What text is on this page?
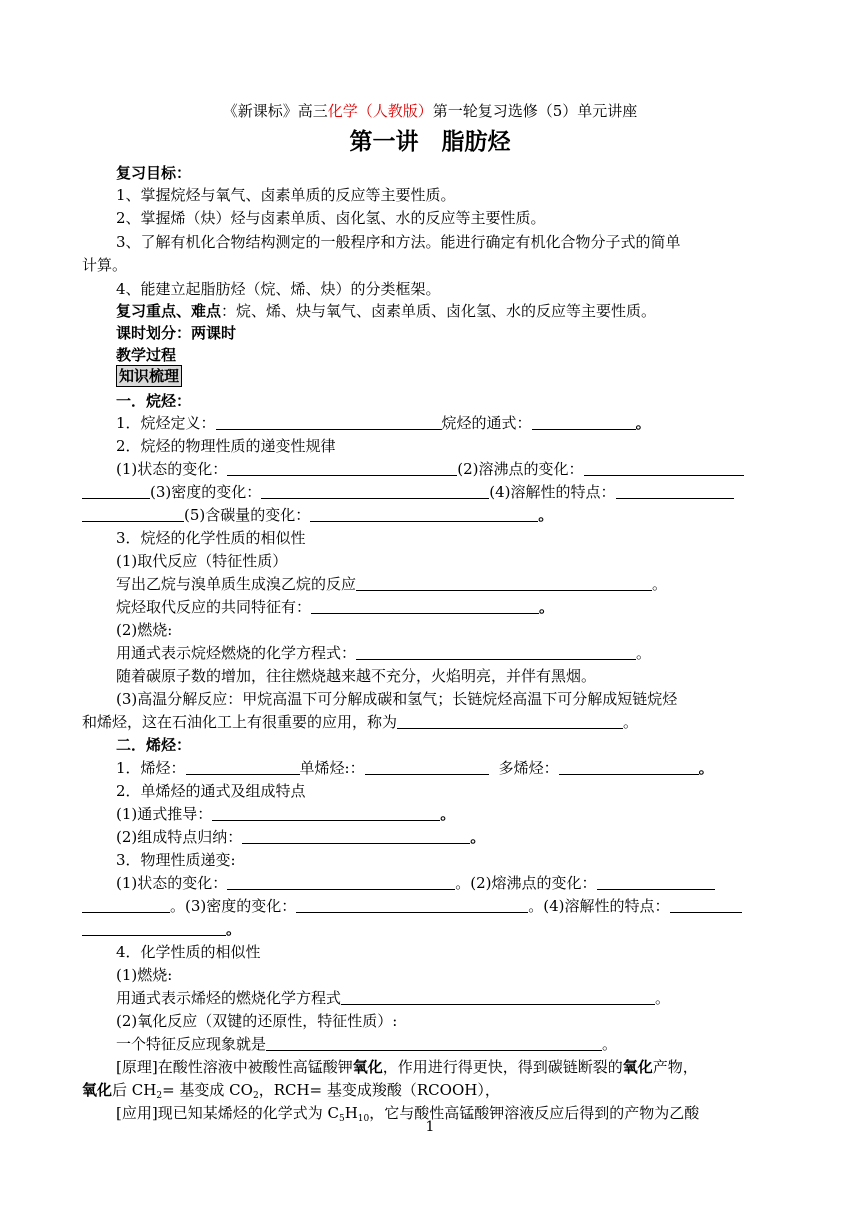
《新课标》高三化学（人教版）第一轮复习选修（5）单元讲座
第一讲　脂肪烃
复习目标：
1、掌握烷烃与氧气、卤素单质的反应等主要性质。
2、掌握烯（炔）烃与卤素单质、卤化氢、水的反应等主要性质。
3、了解有机化合物结构测定的一般程序和方法。能进行确定有机化合物分子式的简单
计算。
4、能建立起脂肪烃（烷、烯、炔）的分类框架。
复习重点、难点：烷、烯、炔与氧气、卤素单质、卤化氢、水的反应等主要性质。
课时划分：两课时
教学过程
知识梳理
一．烷烃：
1．烷烃定义：	烷烃的通式：	。
2．烷烃的物理性质的递变性规律
(1)状态的变化：	(2)溶沸点的变化：
(3)密度的变化：	(4)溶解性的特点：
(5)含碳量的变化：	。
3．烷烃的化学性质的相似性
(1)取代反应（特征性质）
写出乙烷与溴单质生成溴乙烷的反应	。
烷烃取代反应的共同特征有：	。
(2)燃烧:
用通式表示烷烃燃烧的化学方程式：	。
随着碳原子数的增加，往往燃烧越来越不充分，火焰明亮，并伴有黑烟。
(3)高温分解反应：甲烷高温下可分解成碳和氢气；长链烷烃高温下可分解成短链烷烃
和烯烃，这在石油化工上有很重要的应用，称为	。
二．烯烃：
1．烯烃：	单烯烃:：	多烯烃：	。
2．单烯烃的通式及组成特点
(1)通式推导：	。
(2)组成特点归纳：	。
3．物理性质递变:
(1)状态的变化：	。(2)熔沸点的变化：
。(3)密度的变化：	。(4)溶解性的特点：
。
4．化学性质的相似性
(1)燃烧:
用通式表示烯烃的燃烧化学方程式	。
(2)氧化反应（双键的还原性，特征性质）:
一个特征反应现象就是	。
[原理]在酸性溶液中被酸性高锰酸钾氧化，作用进行得更快，得到碳链断裂的氧化产物，
氧化后 $CH_2=$ 基变成 $CO_2$，RCH= 基变成羧酸（RCOOH），
[应用]现已知某烯烃的化学式为 $C_5H_{10}$，它与酸性高锰酸钾溶液反应后得到的产物为乙酸
1
